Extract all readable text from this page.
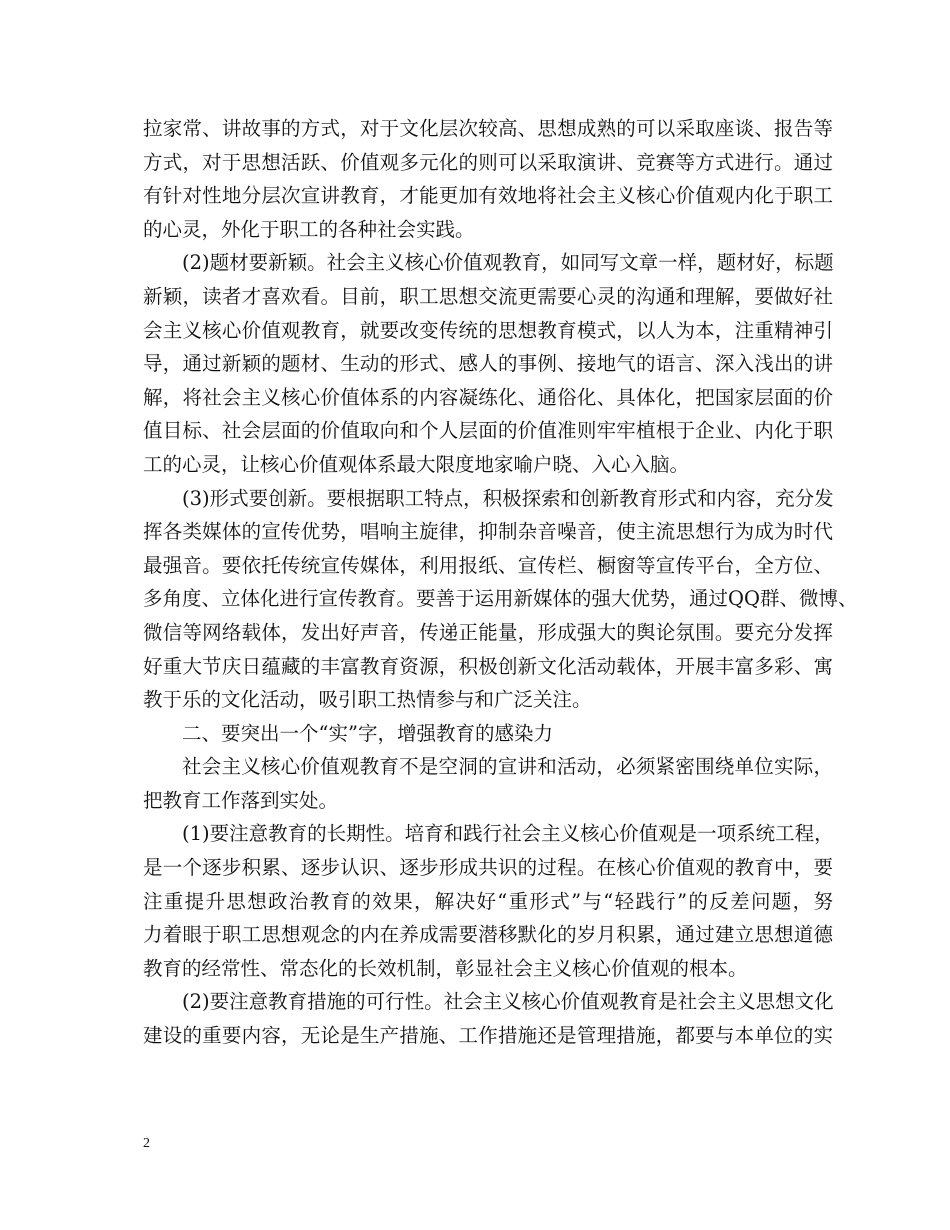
拉家常、讲故事的方式，对于文化层次较高、思想成熟的可以采取座谈、报告等
方式，对于思想活跃、价值观多元化的则可以采取演讲、竞赛等方式进行。通过
有针对性地分层次宣讲教育，才能更加有效地将社会主义核心价值观内化于职工
的心灵，外化于职工的各种社会实践。
(2)题材要新颖。社会主义核心价值观教育，如同写文章一样，题材好，标题
新颖，读者才喜欢看。目前，职工思想交流更需要心灵的沟通和理解，要做好社
会主义核心价值观教育，就要改变传统的思想教育模式，以人为本，注重精神引
导，通过新颖的题材、生动的形式、感人的事例、接地气的语言、深入浅出的讲
解，将社会主义核心价值体系的内容凝练化、通俗化、具体化，把国家层面的价
值目标、社会层面的价值取向和个人层面的价值准则牢牢植根于企业、内化于职
工的心灵，让核心价值观体系最大限度地家喻户晓、入心入脑。
(3)形式要创新。要根据职工特点，积极探索和创新教育形式和内容，充分发
挥各类媒体的宣传优势，唱响主旋律，抑制杂音噪音，使主流思想行为成为时代
最强音。要依托传统宣传媒体，利用报纸、宣传栏、橱窗等宣传平台，全方位、
多角度、立体化进行宣传教育。要善于运用新媒体的强大优势，通过QQ群、微博、
微信等网络载体，发出好声音，传递正能量，形成强大的舆论氛围。要充分发挥
好重大节庆日蕴藏的丰富教育资源，积极创新文化活动载体，开展丰富多彩、寓
教于乐的文化活动，吸引职工热情参与和广泛关注。
二、要突出一个“实”字，增强教育的感染力
社会主义核心价值观教育不是空洞的宣讲和活动，必须紧密围绕单位实际，
把教育工作落到实处。
(1)要注意教育的长期性。培育和践行社会主义核心价值观是一项系统工程，
是一个逐步积累、逐步认识、逐步形成共识的过程。在核心价值观的教育中，要
注重提升思想政治教育的效果，解决好“重形式”与“轻践行”的反差问题，努
力着眼于职工思想观念的内在养成需要潜移默化的岁月积累，通过建立思想道德
教育的经常性、常态化的长效机制，彰显社会主义核心价值观的根本。
(2)要注意教育措施的可行性。社会主义核心价值观教育是社会主义思想文化
建设的重要内容，无论是生产措施、工作措施还是管理措施，都要与本单位的实
2
